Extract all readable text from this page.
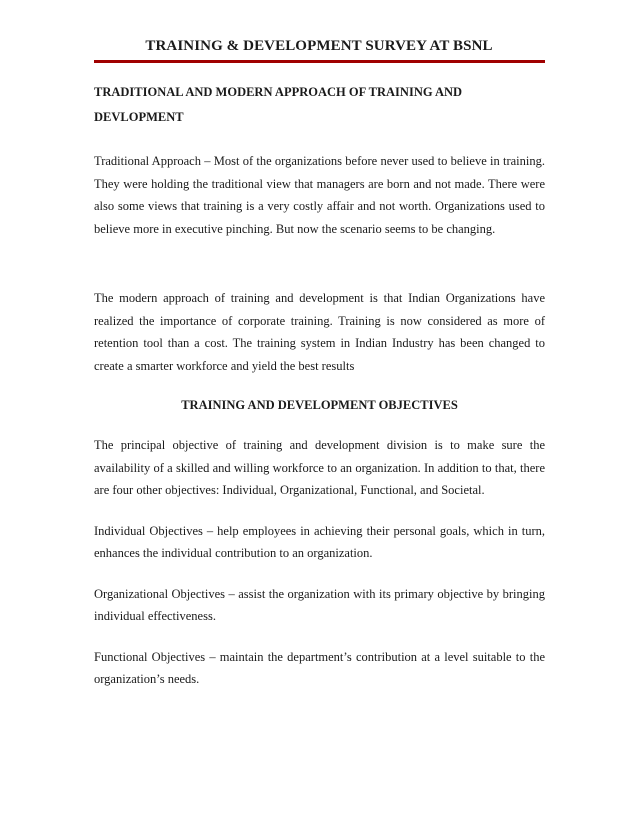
TRAINING & DEVELOPMENT SURVEY AT BSNL
TRADITIONAL AND MODERN APPROACH OF TRAINING AND
DEVLOPMENT

Traditional Approach – Most of the organizations before never used to believe in training. They were holding the traditional view that managers are born and not made. There were also some views that training is a very costly affair and not worth. Organizations used to believe more in executive pinching. But now the scenario seems to be changing.

The modern approach of training and development is that Indian Organizations have realized the importance of corporate training. Training is now considered as more of retention tool than a cost. The training system in Indian Industry has been changed to create a smarter workforce and yield the best results

TRAINING AND DEVELOPMENT OBJECTIVES

The principal objective of training and development division is to make sure the availability of a skilled and willing workforce to an organization. In addition to that, there are four other objectives: Individual, Organizational, Functional, and Societal.

Individual Objectives – help employees in achieving their personal goals, which in turn, enhances the individual contribution to an organization.

Organizational Objectives – assist the organization with its primary objective by bringing individual effectiveness.

Functional Objectives – maintain the department’s contribution at a level suitable to the organization’s needs.
